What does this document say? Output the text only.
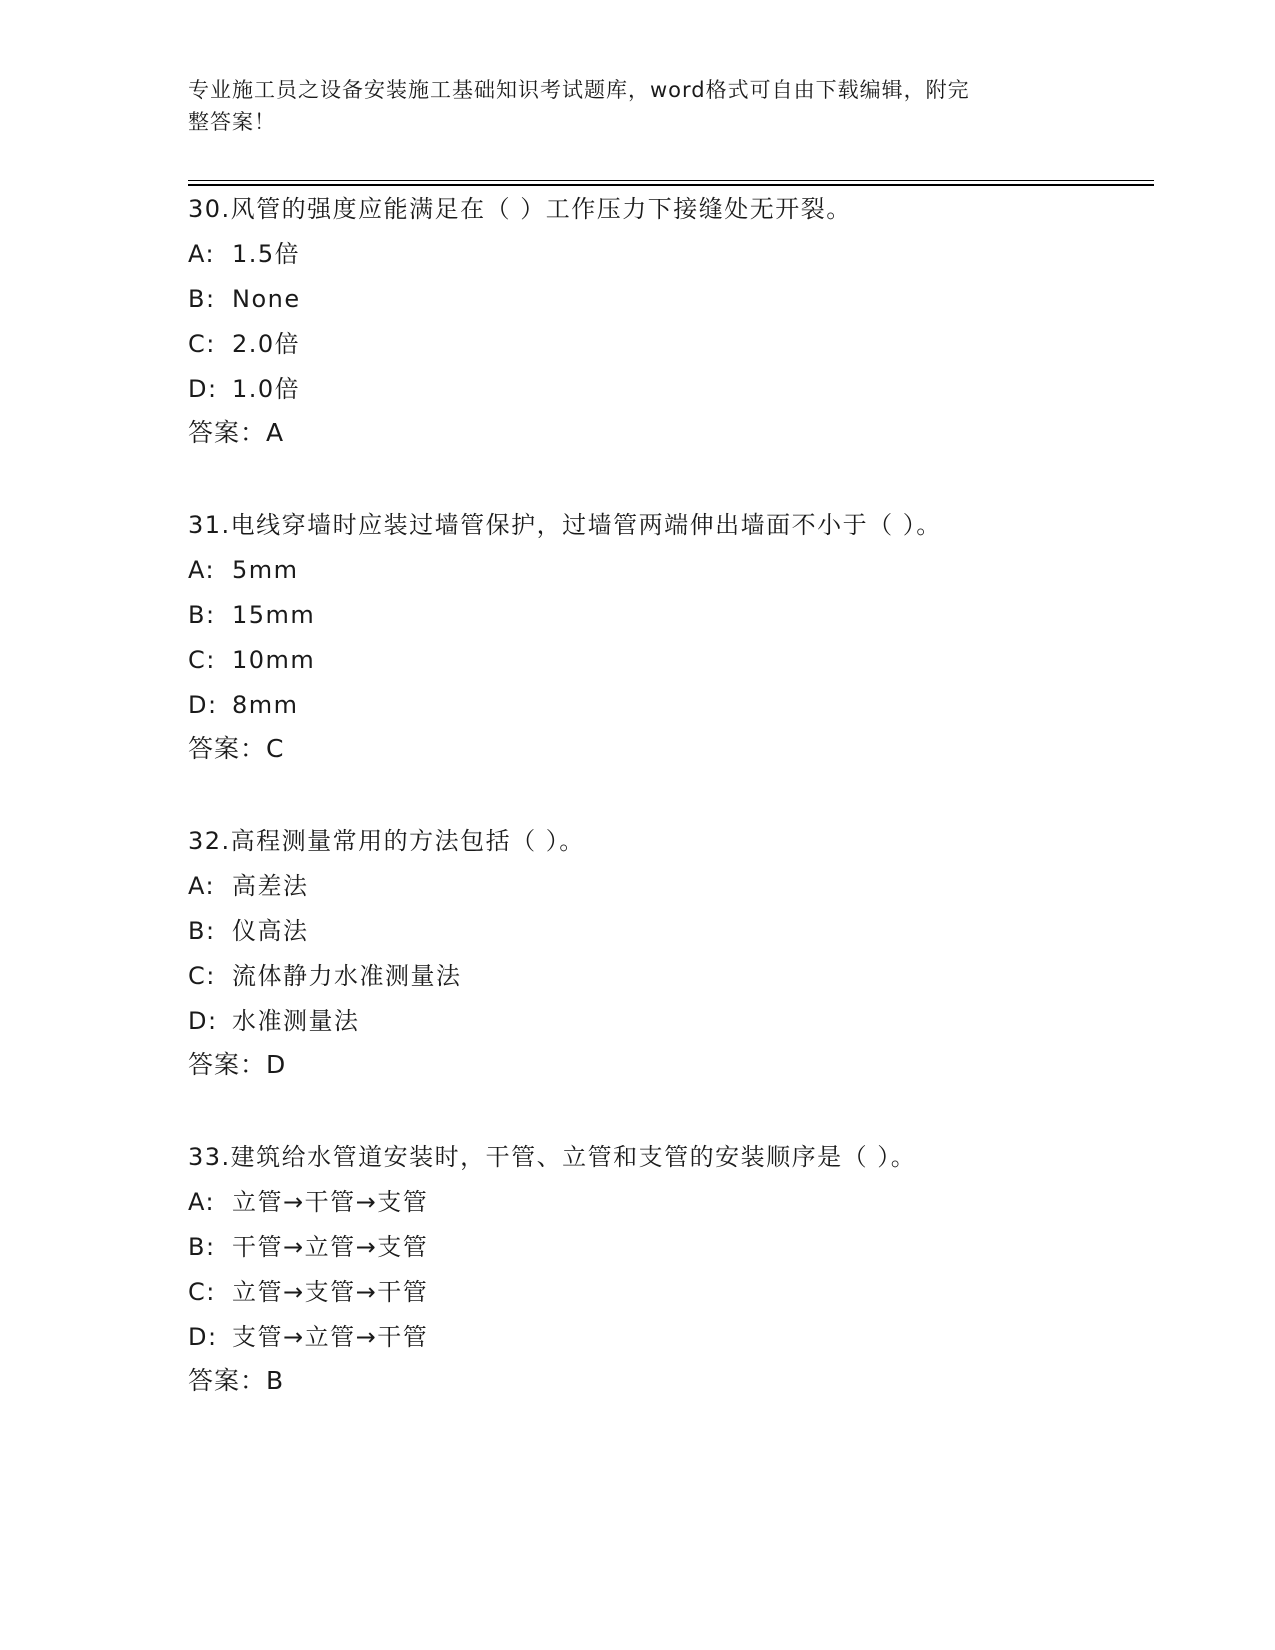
专业施工员之设备安装施工基础知识考试题库，word格式可自由下载编辑，附完
整答案！
30.风管的强度应能满足在（ ）工作压力下接缝处无开裂。
A: 1.5倍
B: None
C: 2.0倍
D: 1.0倍
答案：A
31.电线穿墙时应装过墙管保护，过墙管两端伸出墙面不小于（ ）。
A: 5mm
B: 15mm
C: 10mm
D: 8mm
答案：C
32.高程测量常用的方法包括（ ）。
A: 高差法
B: 仪高法
C: 流体静力水准测量法
D: 水准测量法
答案：D
33.建筑给水管道安装时，干管、立管和支管的安装顺序是（ ）。
A: 立管→干管→支管
B: 干管→立管→支管
C: 立管→支管→干管
D: 支管→立管→干管
答案：B
